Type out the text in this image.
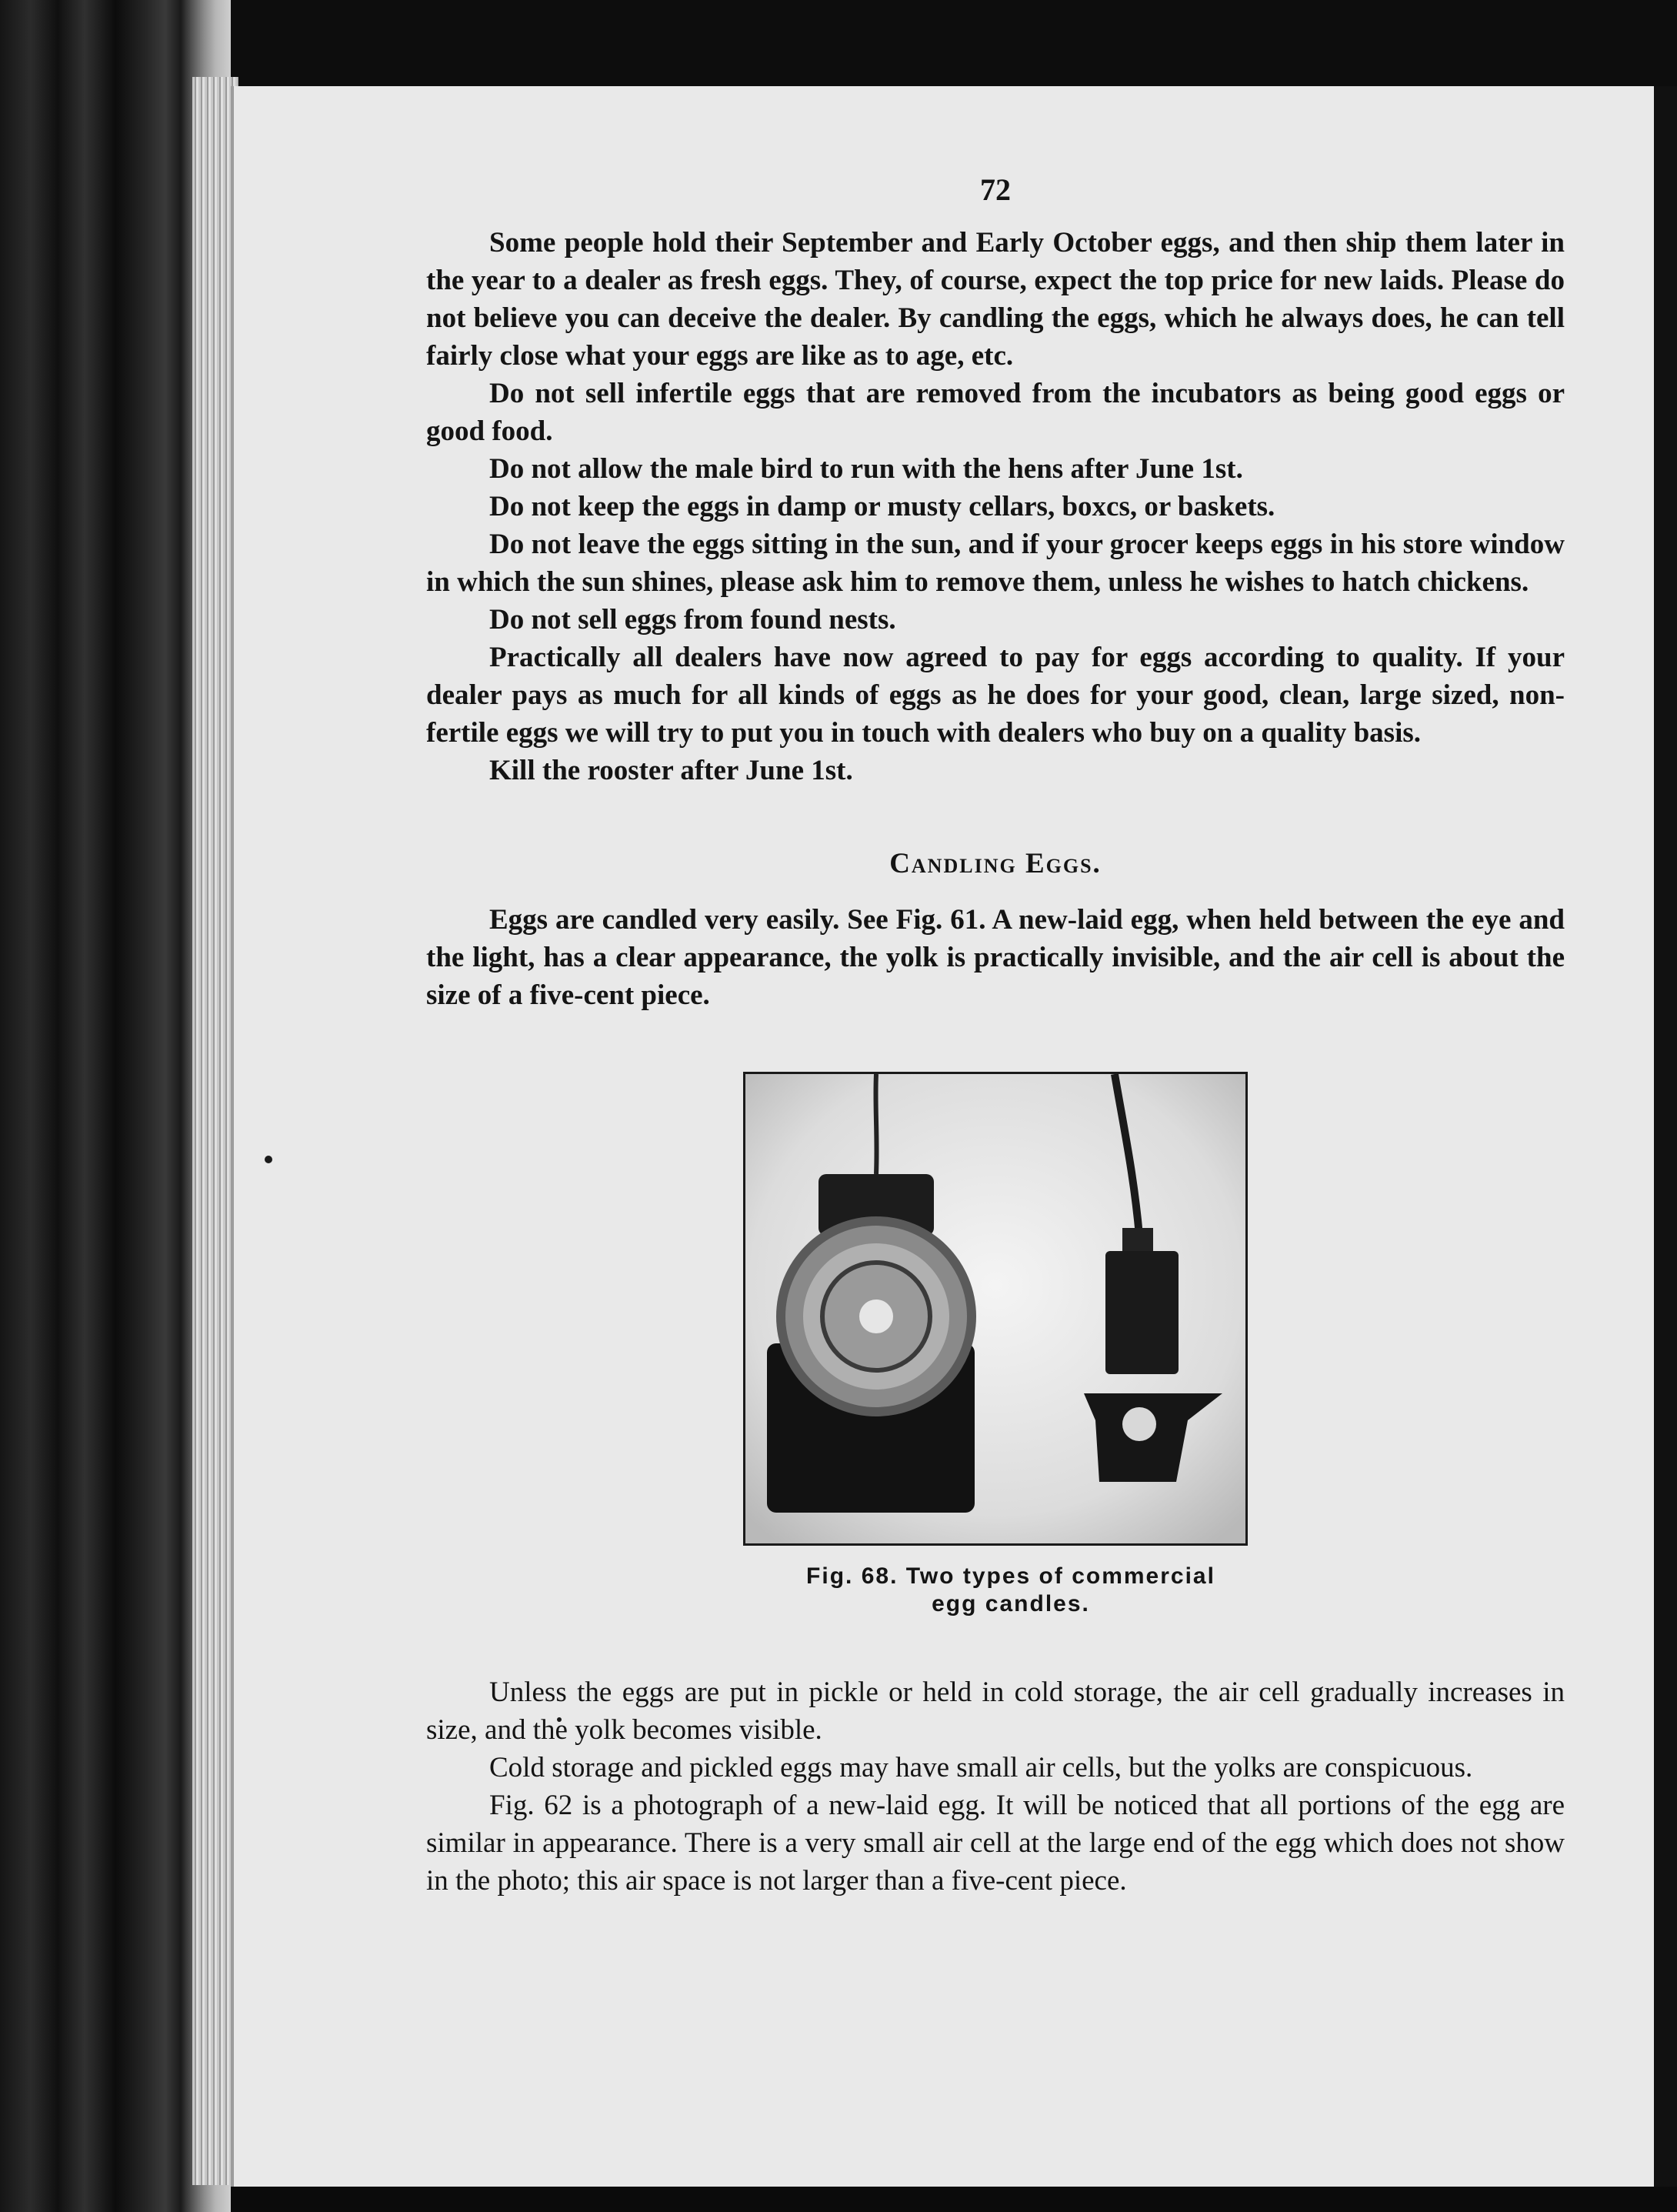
72

Some people hold their September and Early October eggs, and then ship them later in the year to a dealer as fresh eggs. They, of course, expect the top price for new laids. Please do not believe you can deceive the dealer. By candling the eggs, which he always does, he can tell fairly close what your eggs are like as to age, etc.

Do not sell infertile eggs that are removed from the incubators as being good eggs or good food.

Do not allow the male bird to run with the hens after June 1st.

Do not keep the eggs in damp or musty cellars, boxcs, or baskets.

Do not leave the eggs sitting in the sun, and if your grocer keeps eggs in his store window in which the sun shines, please ask him to remove them, unless he wishes to hatch chickens.

Do not sell eggs from found nests.

Practically all dealers have now agreed to pay for eggs according to quality. If your dealer pays as much for all kinds of eggs as he does for your good, clean, large sized, non-fertile eggs we will try to put you in touch with dealers who buy on a quality basis.

Kill the rooster after June 1st.

Candling Eggs.

Eggs are candled very easily. See Fig. 61. A new-laid egg, when held between the eye and the light, has a clear appearance, the yolk is practically invisible, and the air cell is about the size of a five-cent piece.

Fig. 68. Two types of commercial
egg candles.

Unless the eggs are put in pickle or held in cold storage, the air cell gradually increases in size, and the yolk becomes visible.

Cold storage and pickled eggs may have small air cells, but the yolks are conspicuous.

Fig. 62 is a photograph of a new-laid egg. It will be noticed that all portions of the egg are similar in appearance. There is a very small air cell at the large end of the egg which does not show in the photo; this air space is not larger than a five-cent piece.
